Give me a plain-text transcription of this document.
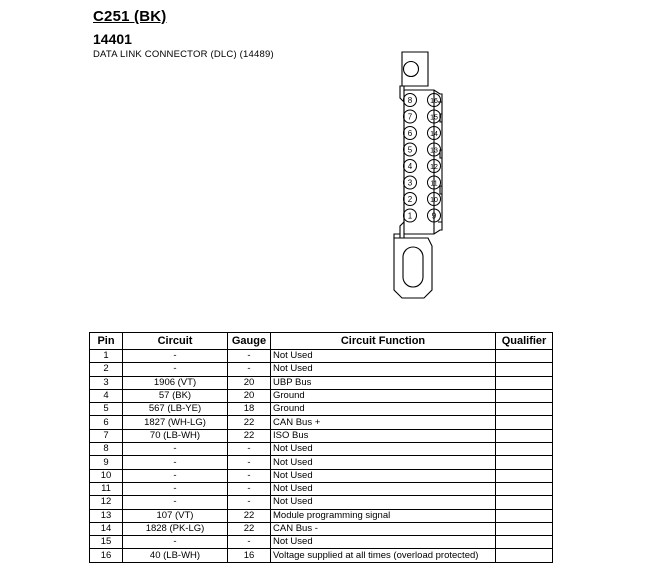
C251 (BK)
14401
DATA LINK CONNECTOR (DLC) (14489)
8
7
6
5
4
3
2
1
16
15
14
13
12
11
10
9
Pin	Circuit	Gauge	Circuit Function	Qualifier
1	-	-	Not Used	
2	-	-	Not Used	
3	1906 (VT)	20	UBP Bus	
4	57 (BK)	20	Ground	
5	567 (LB-YE)	18	Ground	
6	1827 (WH-LG)	22	CAN Bus +	
7	70 (LB-WH)	22	ISO Bus	
8	-	-	Not Used	
9	-	-	Not Used	
10	-	-	Not Used	
11	-	-	Not Used	
12	-	-	Not Used	
13	107 (VT)	22	Module programming signal	
14	1828 (PK-LG)	22	CAN Bus -	
15	-	-	Not Used	
16	40 (LB-WH)	16	Voltage supplied at all times (overload protected)	
